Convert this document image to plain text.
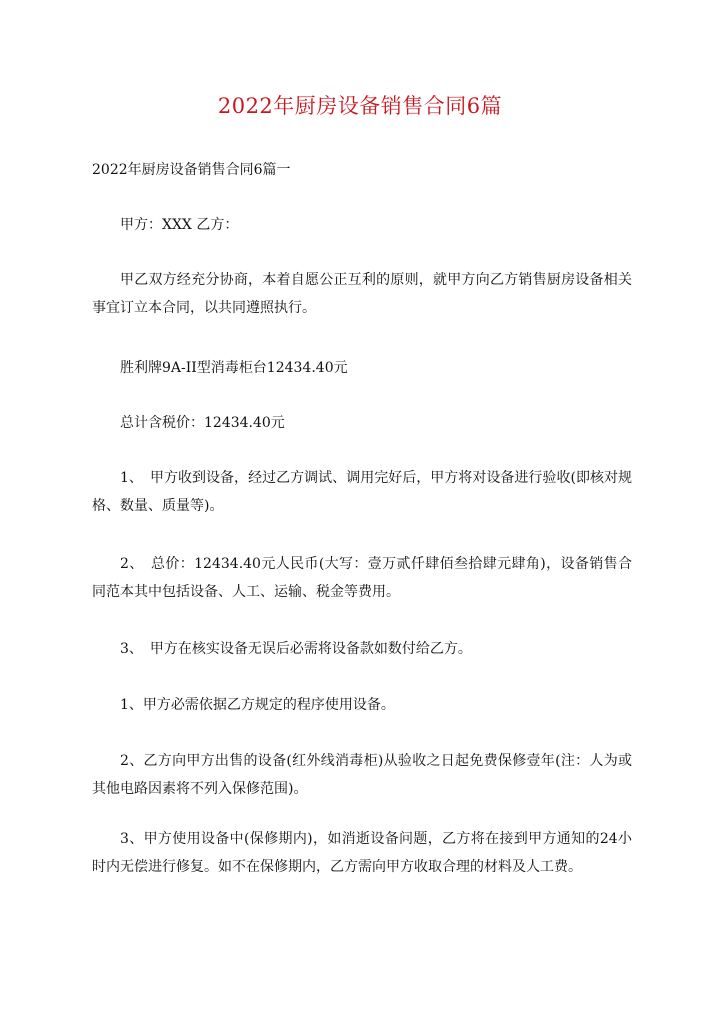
2022年厨房设备销售合同6篇
2022年厨房设备销售合同6篇一
甲方：XXX 乙方：
甲乙双方经充分协商，本着自愿公正互利的原则，就甲方向乙方销售厨房设备相关事宜订立本合同，以共同遵照执行。
胜利牌9A-II型消毒柜台12434.40元
总计含税价：12434.40元
1、　甲方收到设备，经过乙方调试、调用完好后，甲方将对设备进行验收(即核对规格、数量、质量等)。
2、　总价：12434.40元人民币(大写：壹万贰仟肆佰叁拾肆元肆角)，设备销售合同范本其中包括设备、人工、运输、税金等费用。
3、　甲方在核实设备无误后必需将设备款如数付给乙方。
1、甲方必需依据乙方规定的程序使用设备。
2、乙方向甲方出售的设备(红外线消毒柜)从验收之日起免费保修壹年(注：人为或其他电路因素将不列入保修范围)。
3、甲方使用设备中(保修期内)，如消逝设备问题，乙方将在接到甲方通知的24小时内无偿进行修复。如不在保修期内，乙方需向甲方收取合理的材料及人工费。
